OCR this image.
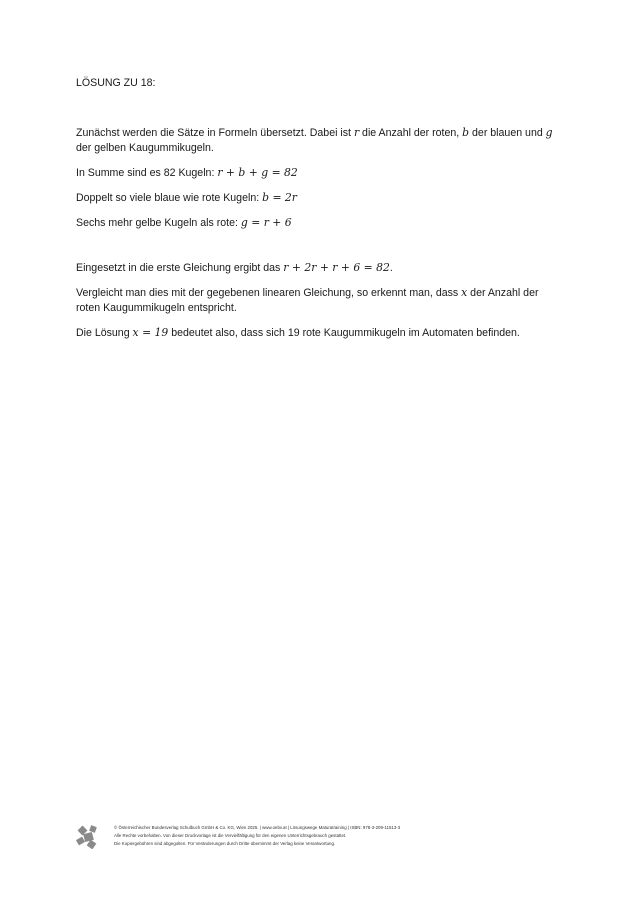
LÖSUNG ZU 18:

Zunächst werden die Sätze in Formeln übersetzt. Dabei ist r die Anzahl der roten, b der blauen und g
der gelben Kaugummikugeln.

In Summe sind es 82 Kugeln: r + b + g = 82

Doppelt so viele blaue wie rote Kugeln: b = 2r

Sechs mehr gelbe Kugeln als rote: g = r + 6

Eingesetzt in die erste Gleichung ergibt das r + 2r + r + 6 = 82.

Vergleicht man dies mit der gegebenen linearen Gleichung, so erkennt man, dass x der Anzahl der
roten Kaugummikugeln entspricht.

Die Lösung x = 19 bedeutet also, dass sich 19 rote Kaugummikugeln im Automaten befinden.

© Österreichischer Bundesverlag Schulbuch GmbH & Co. KG, Wien 2025. | www.oebv.at | Lösungswege Maturatraining | ISBN: 978-3-209-11513-3
Alle Rechte vorbehalten. Von dieser Druckvorlage ist die Vervielfältigung für den eigenen Unterrichtsgebrauch gestattet.
Die Kopiergebühren sind abgegolten. Für Veränderungen durch Dritte übernimmt der Verlag keine Verantwortung.
